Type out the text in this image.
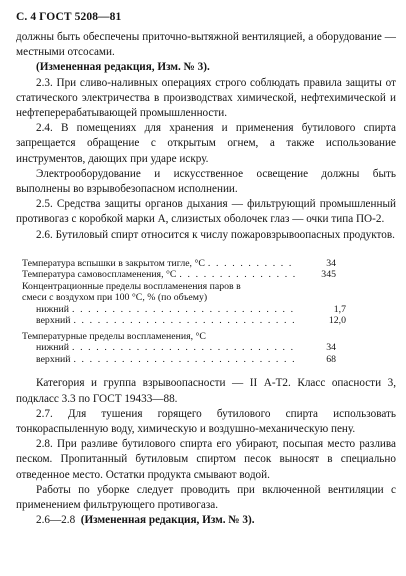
С. 4 ГОСТ 5208—81
должны быть обеспечены приточно-вытяжной вентиляцией, а оборудование — местными отсосами.
(Измененная редакция, Изм. № 3).
2.3. При сливо-наливных операциях строго соблюдать правила защиты от статического электричества в производствах химической, нефтехимической и нефтеперерабатывающей промышленности.
2.4. В помещениях для хранения и применения бутилового спирта запрещается обращение с открытым огнем, а также использование инструментов, дающих при ударе искру.
Электрооборудование и искусственное освещение должны быть выполнены во взрывобезопасном исполнении.
2.5. Средства защиты органов дыхания — фильтрующий промышленный противогаз с коробкой марки А, слизистых оболочек глаз — очки типа ПО-2.
2.6. Бутиловый спирт относится к числу пожаровзрывоопасных продуктов.
Температура вспышки в закрытом тигле, °С . . .	34
Температура самовоспламенения, °С . . .	345
Концентрационные пределы воспламенения паров в
смеси с воздухом при 100 °С, % (по объему)
нижний . . .	1,7
верхний . . .	12,0
Температурные пределы воспламенения, °С
нижний . . .	34
верхний . . .	68
Категория и группа взрывоопасности — II А-Т2. Класс опасности 3, подкласс 3.3 по ГОСТ 19433—88.
2.7. Для тушения горящего бутилового спирта использовать тонкораспыленную воду, химическую и воздушно-механическую пену.
2.8. При разливе бутилового спирта его убирают, посыпая место разлива песком. Пропитанный бутиловым спиртом песок выносят в специально отведенное место. Остатки продукта смывают водой.
Работы по уборке следует проводить при включенной вентиляции с применением фильтрующего противогаза.
2.6—2.8 (Измененная редакция, Изм. № 3).
